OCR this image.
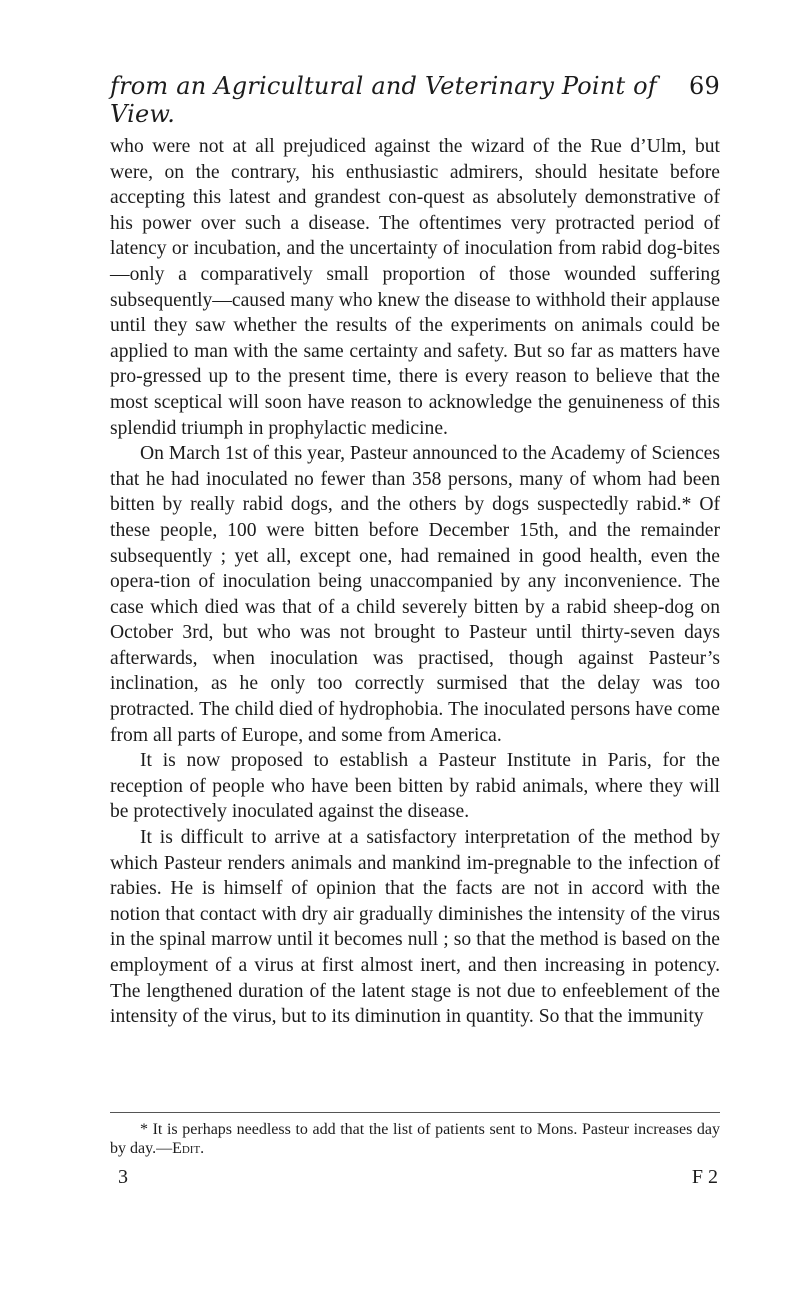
from an Agricultural and Veterinary Point of View.
69

who were not at all prejudiced against the wizard of the Rue d’Ulm, but were, on the contrary, his enthusiastic admirers, should hesitate before accepting this latest and grandest con-quest as absolutely demonstrative of his power over such a disease. The oftentimes very protracted period of latency or incubation, and the uncertainty of inoculation from rabid dog-bites—only a comparatively small proportion of those wounded suffering subsequently—caused many who knew the disease to withhold their applause until they saw whether the results of the experiments on animals could be applied to man with the same certainty and safety. But so far as matters have pro-gressed up to the present time, there is every reason to believe that the most sceptical will soon have reason to acknowledge the genuineness of this splendid triumph in prophylactic medicine.

On March 1st of this year, Pasteur announced to the Academy of Sciences that he had inoculated no fewer than 358 persons, many of whom had been bitten by really rabid dogs, and the others by dogs suspectedly rabid.* Of these people, 100 were bitten before December 15th, and the remainder subsequently ; yet all, except one, had remained in good health, even the opera-tion of inoculation being unaccompanied by any inconvenience. The case which died was that of a child severely bitten by a rabid sheep-dog on October 3rd, but who was not brought to Pasteur until thirty-seven days afterwards, when inoculation was practised, though against Pasteur’s inclination, as he only too correctly surmised that the delay was too protracted. The child died of hydrophobia. The inoculated persons have come from all parts of Europe, and some from America.

It is now proposed to establish a Pasteur Institute in Paris, for the reception of people who have been bitten by rabid animals, where they will be protectively inoculated against the disease.

It is difficult to arrive at a satisfactory interpretation of the method by which Pasteur renders animals and mankind im-pregnable to the infection of rabies. He is himself of opinion that the facts are not in accord with the notion that contact with dry air gradually diminishes the intensity of the virus in the spinal marrow until it becomes null ; so that the method is based on the employment of a virus at first almost inert, and then increasing in potency. The lengthened duration of the latent stage is not due to enfeeblement of the intensity of the virus, but to its diminution in quantity. So that the immunity

* It is perhaps needless to add that the list of patients sent to Mons. Pasteur increases day by day.—Edit.

3	F 2
